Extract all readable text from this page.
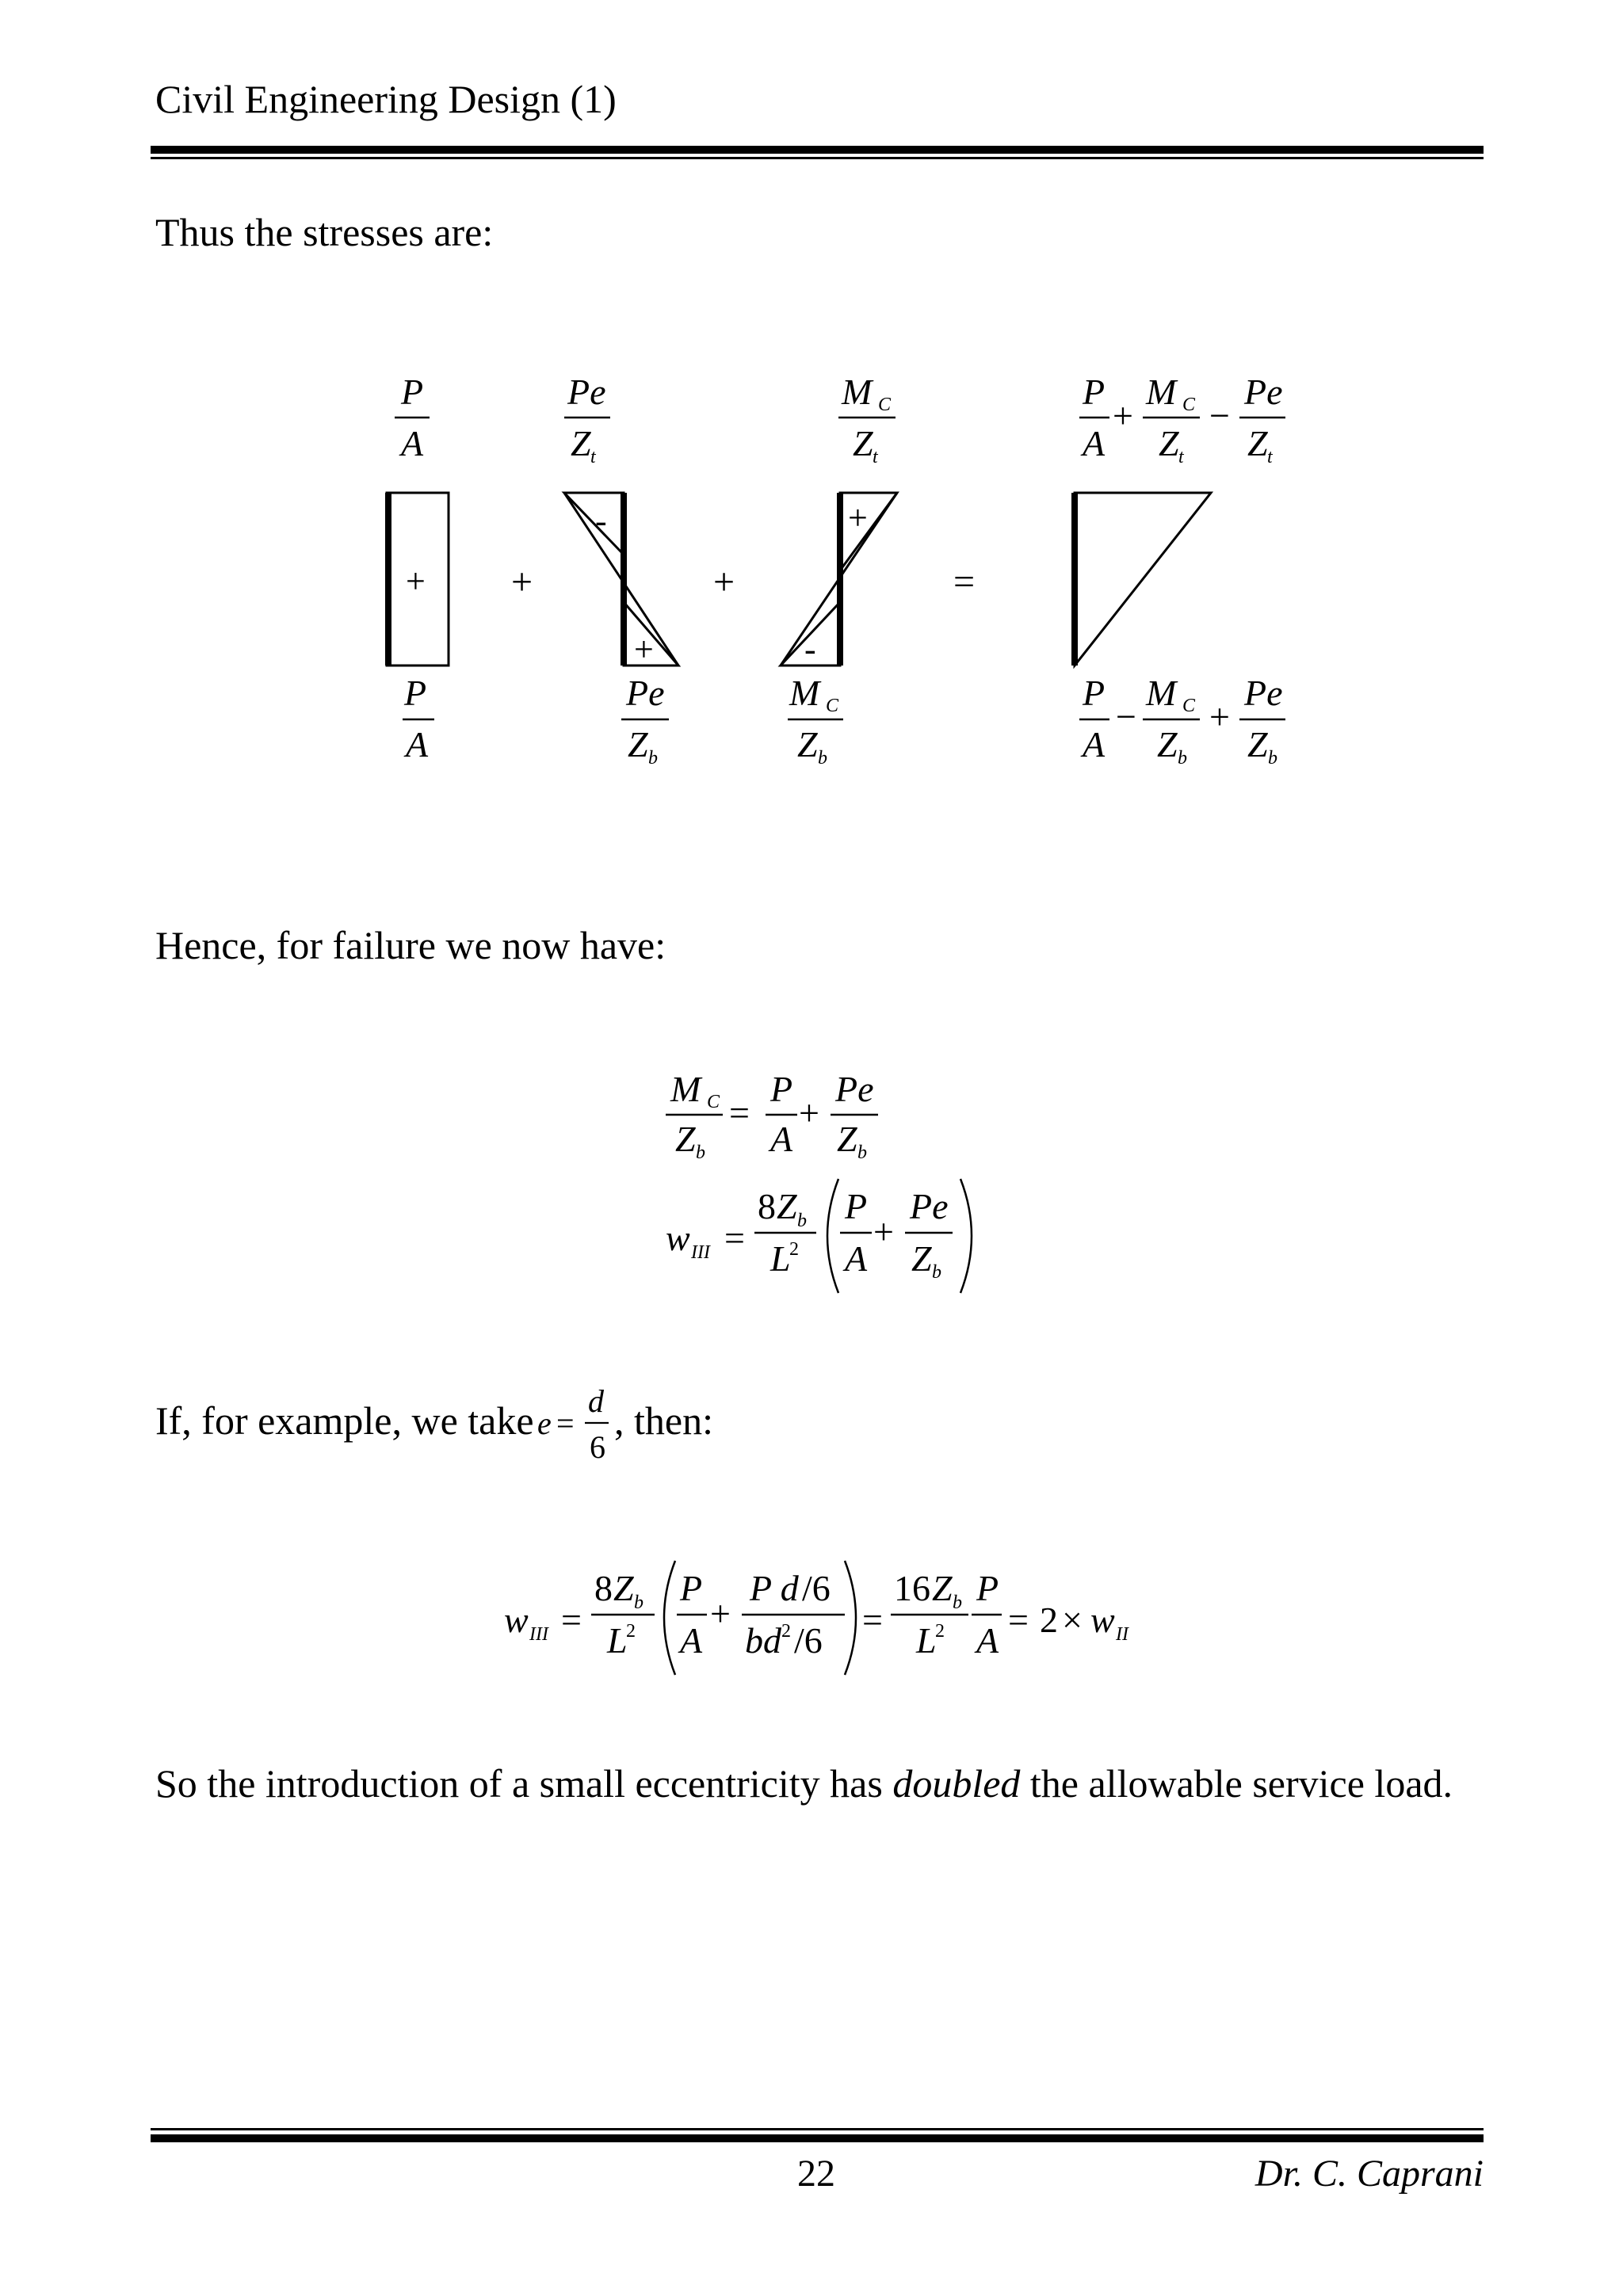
Civil Engineering Design (1)
Thus the stresses are:
Hence, for failure we now have:
If, for example, we take , then:
So the introduction of a small eccentricity has doubled the allowable service load.
P
A
Pe
Z t
M C
Z t
P
A
+
M C
Z t
−
Pe
Z t
+ +
-
+
+
+
-
=
P
A
Pe
Z b
M C
Z b
P
A
−
M C
Z b
+
Pe
Z b
M C
Z b
=
P
A
+
Pe
Z b
w III =
8 Z b
L
2
P
A
+
Pe
Z b
e =
d
6
w III =
8 Z b
L
2
P
A
+
P d /6
bd 2 /6
=
16 Z b
L
2
P
A
= 2 × w II
22	Dr. C. Caprani
